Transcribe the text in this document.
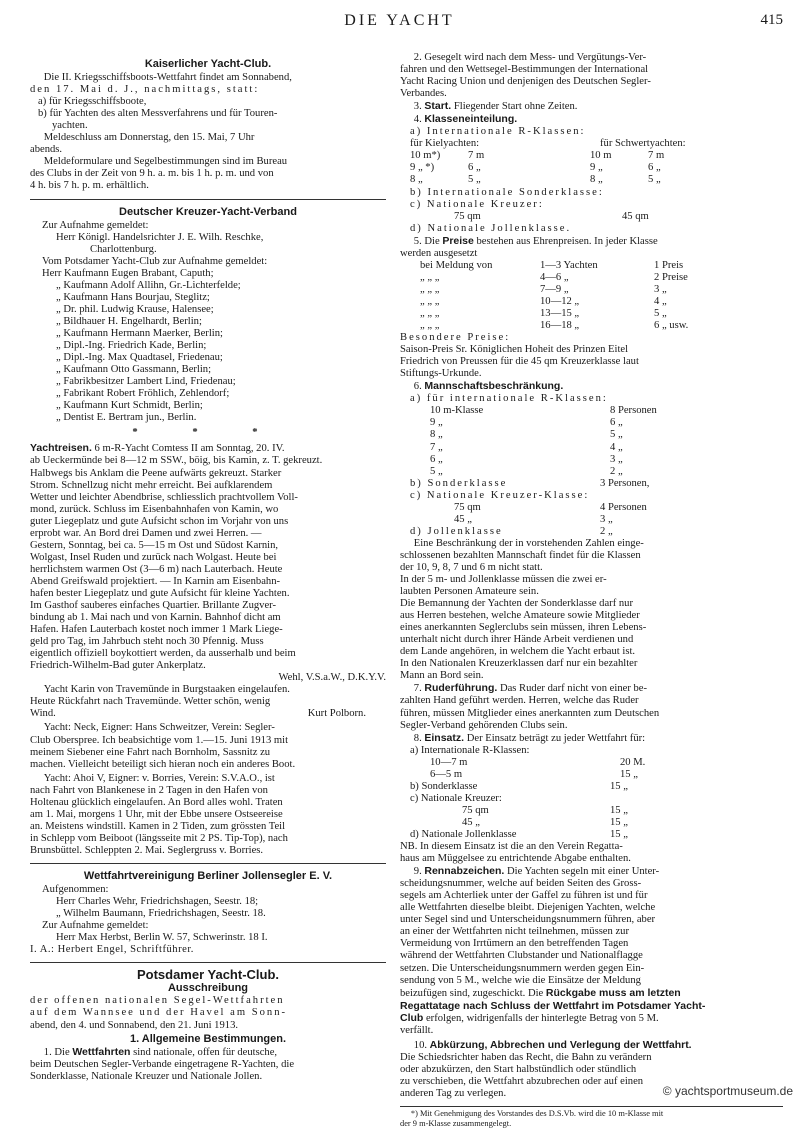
DIE YACHT	415
Kaiserlicher Yacht-Club.

Die II. Kriegsschiffsboots-Wettfahrt findet am Sonnabend,

den 17. Mai d. J., nachmittags, statt:

a) für Kriegsschiffsboote,

b) für Yachten des alten Messverfahrens und für Touren-

yachten.

Meldeschluss am Donnerstag, den 15. Mai, 7 Uhr

abends.

Meldeformulare und Segelbestimmungen sind im Bureau

des Clubs in der Zeit von 9 h. a. m. bis 1 h. p. m. und von

4 h. bis 7 h. p. m. erhältlich.

Deutscher Kreuzer-Yacht-Verband

Zur Aufnahme gemeldet:

Herr Königl. Handelsrichter J. E. Wilh. Reschke,

Charlottenburg.

Vom Potsdamer Yacht-Club zur Aufnahme gemeldet:

Herr Kaufmann Eugen Brabant, Caputh;

„ Kaufmann Adolf Allihn, Gr.-Lichterfelde;

„ Kaufmann Hans Bourjau, Steglitz;

„ Dr. phil. Ludwig Krause, Halensee;

„ Bildhauer H. Engelhardt, Berlin;

„ Kaufmann Hermann Maerker, Berlin;

„ Dipl.-Ing. Friedrich Kade, Berlin;

„ Dipl.-Ing. Max Quadtasel, Friedenau;

„ Kaufmann Otto Gassmann, Berlin;

„ Fabrikbesitzer Lambert Lind, Friedenau;

„ Fabrikant Robert Fröhlich, Zehlendorf;

„ Kaufmann Kurt Schmidt, Berlin;

„ Dentist E. Bertram jun., Berlin.

* * *

Yachtreisen. 6 m-R-Yacht Comtess II am Sonntag, 20. IV.

ab Ueckermünde bei 8—12 m SSW., böig, bis Kamin, z. T. gekreuzt.

Halbwegs bis Anklam die Peene aufwärts gekreuzt. Starker

Strom. Schnellzug nicht mehr erreicht. Bei aufklarendem

Wetter und leichter Abendbrise, schliesslich prachtvollem Voll-

mond, zurück. Schluss im Eisenbahnhafen von Kamin, wo

guter Liegeplatz und gute Aufsicht schon im Vorjahr von uns

erprobt war. An Bord drei Damen und zwei Herren. —

Gestern, Sonntag, bei ca. 5—15 m Ost und Südost Karnin,

Wolgast, Insel Ruden und zurück nach Wolgast. Heute bei

herrlichstem warmen Ost (3—6 m) nach Lauterbach. Heute

Abend Greifswald projektiert. — In Karnin am Eisenbahn-

hafen bester Liegeplatz und gute Aufsicht für kleine Yachten.

Im Gasthof sauberes einfaches Quartier. Brillante Zugver-

bindung ab 1. Mai nach und von Karnin. Bahnhof dicht am

Hafen. Hafen Lauterbach kostet noch immer 1 Mark Liege-

geld pro Tag, im Jahrbuch steht noch 30 Pfennig. Muss

eigentlich offiziell boykottiert werden, da ausserhalb und beim

Friedrich-Wilhelm-Bad guter Ankerplatz.

Wehl, V.S.a.W., D.K.Y.V.

Yacht Karin von Travemünde in Burgstaaken eingelaufen.

Heute Rückfahrt nach Travemünde. Wetter schön, wenig

Wind.	Kurt Polborn.

Yacht: Neck, Eigner: Hans Schweitzer, Verein: Segler-

Club Oberspree. Ich beabsichtige vom 1.—15. Juni 1913 mit

meinem Siebener eine Fahrt nach Bornholm, Sassnitz zu

machen. Vielleicht beteiligt sich hieran noch ein anderes Boot.

Yacht: Ahoi V, Eigner: v. Borries, Verein: S.V.A.O., ist

nach Fahrt von Blankenese in 2 Tagen in den Hafen von

Holtenau glücklich eingelaufen. An Bord alles wohl. Traten

am 1. Mai, morgens 1 Uhr, mit der Ebbe unsere Ostseereise

an. Meistens windstill. Kamen in 2 Tiden, zum grössten Teil

in Schlepp vom Beiboot (längsseite mit 2 PS. Tip-Top), nach

Brunsbüttel. Schleppten 2. Mai. Seglergruss v. Borries.

Wettfahrtvereinigung Berliner Jollensegler E. V.

Aufgenommen:

Herr Charles Wehr, Friedrichshagen, Seestr. 18;

„ Wilhelm Baumann, Friedrichshagen, Seestr. 18.

Zur Aufnahme gemeldet:

Herr Max Herbst, Berlin W. 57, Schwerinstr. 18 I.

I. A.: Herbert Engel, Schriftführer.

Potsdamer Yacht-Club.
Ausschreibung

der offenen nationalen Segel-Wettfahrten

auf dem Wannsee und der Havel am Sonn-

abend, den 4. und Sonnabend, den 21. Juni 1913.

1. Allgemeine Bestimmungen.

1. Die Wettfahrten sind nationale, offen für deutsche,

beim Deutschen Segler-Verbande eingetragene R-Yachten, die

Sonderklasse, Nationale Kreuzer und Nationale Jollen.

2. Gesegelt wird nach dem Mess- und Vergütungs-Ver-

fahren und den Wettsegel-Bestimmungen der International

Yacht Racing Union und denjenigen des Deutschen Segler-

Verbandes.

3. Start. Fliegender Start ohne Zeiten.

4. Klasseneinteilung.

a) Internationale R-Klassen:

für Kielyachten:	für Schwertyachten:

10 m*)	7 m	10 m	7 m

9 „ *)	6 „	9 „	6 „

8 „	5 „	8 „	5 „

b) Internationale Sonderklasse:

c) Nationale Kreuzer:

75 qm	45 qm

d) Nationale Jollenklasse.

5. Die Preise bestehen aus Ehrenpreisen. In jeder Klasse

werden ausgesetzt

bei Meldung von	1—3 Yachten	1 Preis

„ „ „	4—6 „	2 Preise

„ „ „	7—9 „	3 „

„ „ „	10—12 „	4 „

„ „ „	13—15 „	5 „

„ „ „	16—18 „	6 „ usw.

Besondere Preise:

Saison-Preis Sr. Königlichen Hoheit des Prinzen Eitel

Friedrich von Preussen für die 45 qm Kreuzerklasse laut

Stiftungs-Urkunde.

6. Mannschaftsbeschränkung.

a) für internationale R-Klassen:

10 m-Klasse	8 Personen

9 „	6 „

8 „	5 „

7 „	4 „

6 „	3 „

5 „	2 „

b) Sonderklasse	3 Personen,

c) Nationale Kreuzer-Klasse:

75 qm	4 Personen

45 „	3 „

d) Jollenklasse	2 „

Eine Beschränkung der in vorstehenden Zahlen einge-

schlossenen bezahlten Mannschaft findet für die Klassen

der 10, 9, 8, 7 und 6 m nicht statt.

In der 5 m- und Jollenklasse müssen die zwei er-

laubten Personen Amateure sein.

Die Bemannung der Yachten der Sonderklasse darf nur

aus Herren bestehen, welche Amateure sowie Mitglieder

eines anerkannten Seglerclubs sein müssen, ihren Lebens-

unterhalt nicht durch ihrer Hände Arbeit verdienen und

dem Lande angehören, in welchem die Yacht erbaut ist.

In den Nationalen Kreuzerklassen darf nur ein bezahlter

Mann an Bord sein.

7. Ruderführung. Das Ruder darf nicht von einer be-

zahlten Hand geführt werden. Herren, welche das Ruder

führen, müssen Mitglieder eines anerkannten zum Deutschen

Segler-Verband gehörenden Clubs sein.

8. Einsatz. Der Einsatz beträgt zu jeder Wettfahrt für:

a) Internationale R-Klassen:

10—7 m	20 M.

6—5 m	15 „

b) Sonderklasse	15 „

c) Nationale Kreuzer:

75 qm	15 „

45 „	15 „

d) Nationale Jollenklasse	15 „

NB. In diesem Einsatz ist die an den Verein Regatta-

haus am Müggelsee zu entrichtende Abgabe enthalten.

9. Rennabzeichen. Die Yachten segeln mit einer Unter-

scheidungsnummer, welche auf beiden Seiten des Gross-

segels am Achterliek unter der Gaffel zu führen ist und für

alle Wettfahrten dieselbe bleibt. Diejenigen Yachten, welche

unter Segel sind und Unterscheidungsnummern führen, aber

an einer der Wettfahrten nicht teilnehmen, müssen zur

Vermeidung von Irrtümern an den betreffenden Tagen

während der Wettfahrten Clubstander und Nationalflagge

setzen. Die Unterscheidungsnummern werden gegen Ein-

sendung von 5 M., welche wie die Einsätze der Meldung

beizufügen sind, zugeschickt. Die Rückgabe muss am letzten

Regattatage nach Schluss der Wettfahrt im Potsdamer Yacht-

Club erfolgen, widrigenfalls der hinterlegte Betrag von 5 M.

verfällt.

10. Abkürzung, Abbrechen und Verlegung der Wettfahrt.

Die Schiedsrichter haben das Recht, die Bahn zu verändern

oder abzukürzen, den Start halbstündlich oder stündlich

zu verschieben, die Wettfahrt abzubrechen oder auf einen

anderen Tag zu verlegen.

*) Mit Genehmigung des Vorstandes des D.S.Vb. wird die 10 m-Klasse mit

der 9 m-Klasse zusammengelegt.

© yachtsportmuseum.de
